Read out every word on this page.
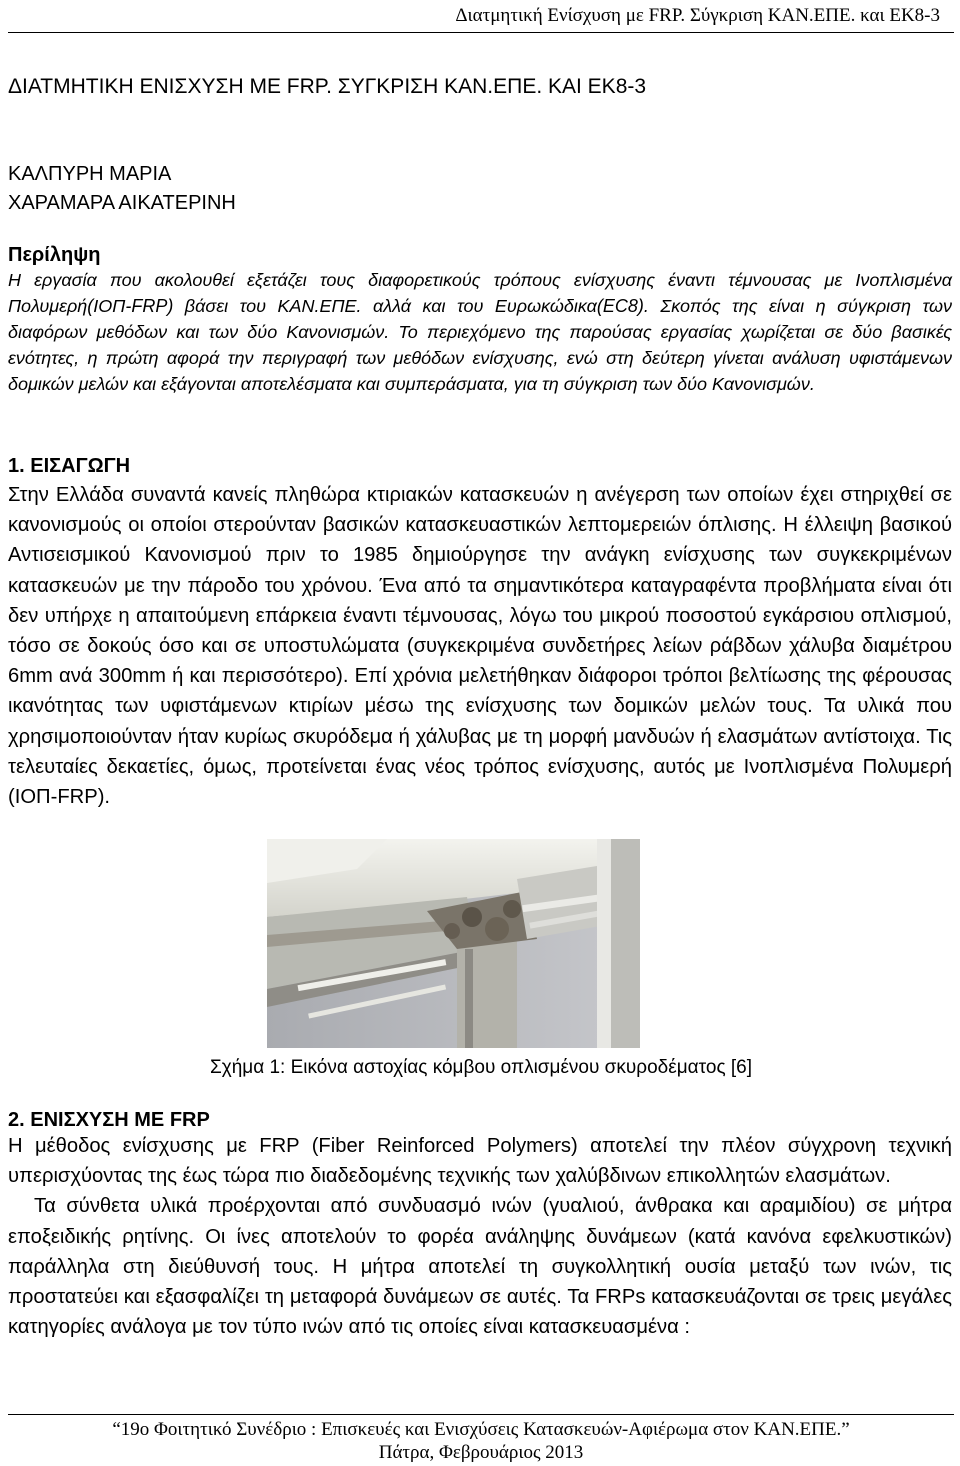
Διατμητική Ενίσχυση με FRP. Σύγκριση ΚΑΝ.ΕΠΕ. και ΕΚ8-3
ΔΙΑΤΜΗΤΙΚΗ ΕΝΙΣΧΥΣΗ ΜΕ FRP. ΣΥΓΚΡΙΣΗ ΚΑΝ.ΕΠΕ. ΚΑΙ ΕΚ8-3
ΚΑΛΠΥΡΗ ΜΑΡΙΑ
ΧΑΡΑΜΑΡΑ ΑΙΚΑΤΕΡΙΝΗ
Περίληψη
Η εργασία που ακολουθεί εξετάζει τους διαφορετικούς τρόπους ενίσχυσης έναντι τέμνουσας με Ινοπλισμένα Πολυμερή(ΙΟΠ-FRP) βάσει του ΚΑΝ.ΕΠΕ. αλλά και του Ευρωκώδικα(EC8). Σκοπός της είναι η σύγκριση των διαφόρων μεθόδων και των δύο Κανονισμών. Το περιεχόμενο της παρούσας εργασίας χωρίζεται σε δύο βασικές ενότητες, η πρώτη αφορά την περιγραφή των μεθόδων ενίσχυσης, ενώ στη δεύτερη γίνεται ανάλυση υφιστάμενων δομικών μελών και εξάγονται αποτελέσματα και συμπεράσματα, για τη σύγκριση των δύο Κανονισμών.
1. ΕΙΣΑΓΩΓΗ
Στην Ελλάδα συναντά κανείς πληθώρα κτιριακών κατασκευών η ανέγερση των οποίων έχει στηριχθεί σε κανονισμούς οι οποίοι στερούνταν βασικών κατασκευαστικών λεπτομερειών όπλισης. Η έλλειψη βασικού Αντισεισμικού Κανονισμού πριν το 1985 δημιούργησε την ανάγκη ενίσχυσης των συγκεκριμένων κατασκευών με την πάροδο του χρόνου. Ένα από τα σημαντικότερα καταγραφέντα προβλήματα είναι ότι δεν υπήρχε η απαιτούμενη επάρκεια έναντι τέμνουσας, λόγω του μικρού ποσοστού εγκάρσιου οπλισμού, τόσο σε δοκούς όσο και σε υποστυλώματα (συγκεκριμένα συνδετήρες λείων ράβδων χάλυβα διαμέτρου 6mm ανά 300mm ή και περισσότερο). Επί χρόνια μελετήθηκαν διάφοροι τρόποι βελτίωσης της φέρουσας ικανότητας των υφιστάμενων κτιρίων μέσω της ενίσχυσης των δομικών μελών τους. Τα υλικά που χρησιμοποιούνταν ήταν κυρίως σκυρόδεμα ή χάλυβας με τη μορφή μανδυών ή ελασμάτων αντίστοιχα. Τις τελευταίες δεκαετίες, όμως, προτείνεται ένας νέος τρόπος ενίσχυσης, αυτός με Ινοπλισμένα Πολυμερή (ΙΟΠ-FRP).
Σχήμα 1: Εικόνα αστοχίας κόμβου οπλισμένου σκυροδέματος [6]
2. ΕΝΙΣΧΥΣΗ ΜΕ FRP

Η μέθοδος ενίσχυσης με FRP (Fiber Reinforced Polymers) αποτελεί την πλέον σύγχρονη τεχνική υπερισχύοντας της έως τώρα πιο διαδεδομένης τεχνικής των χαλύβδινων επικολλητών ελασμάτων.

Τα σύνθετα υλικά προέρχονται από συνδυασμό ινών (γυαλιού, άνθρακα και αραμιδίου) σε μήτρα εποξειδικής ρητίνης. Οι ίνες αποτελούν το φορέα ανάληψης δυνάμεων (κατά κανόνα εφελκυστικών) παράλληλα στη διεύθυνσή τους. Η μήτρα αποτελεί τη συγκολλητική ουσία μεταξύ των ινών, τις προστατεύει και εξασφαλίζει τη μεταφορά δυνάμεων σε αυτές. Τα FRPs κατασκευάζονται σε τρεις μεγάλες κατηγορίες ανάλογα με τον τύπο ινών από τις οποίες είναι κατασκευασμένα :

“19ο Φοιτητικό Συνέδριο : Επισκευές και Ενισχύσεις Κατασκευών-Αφιέρωμα στον ΚΑΝ.ΕΠΕ.”
Πάτρα, Φεβρουάριος 2013
